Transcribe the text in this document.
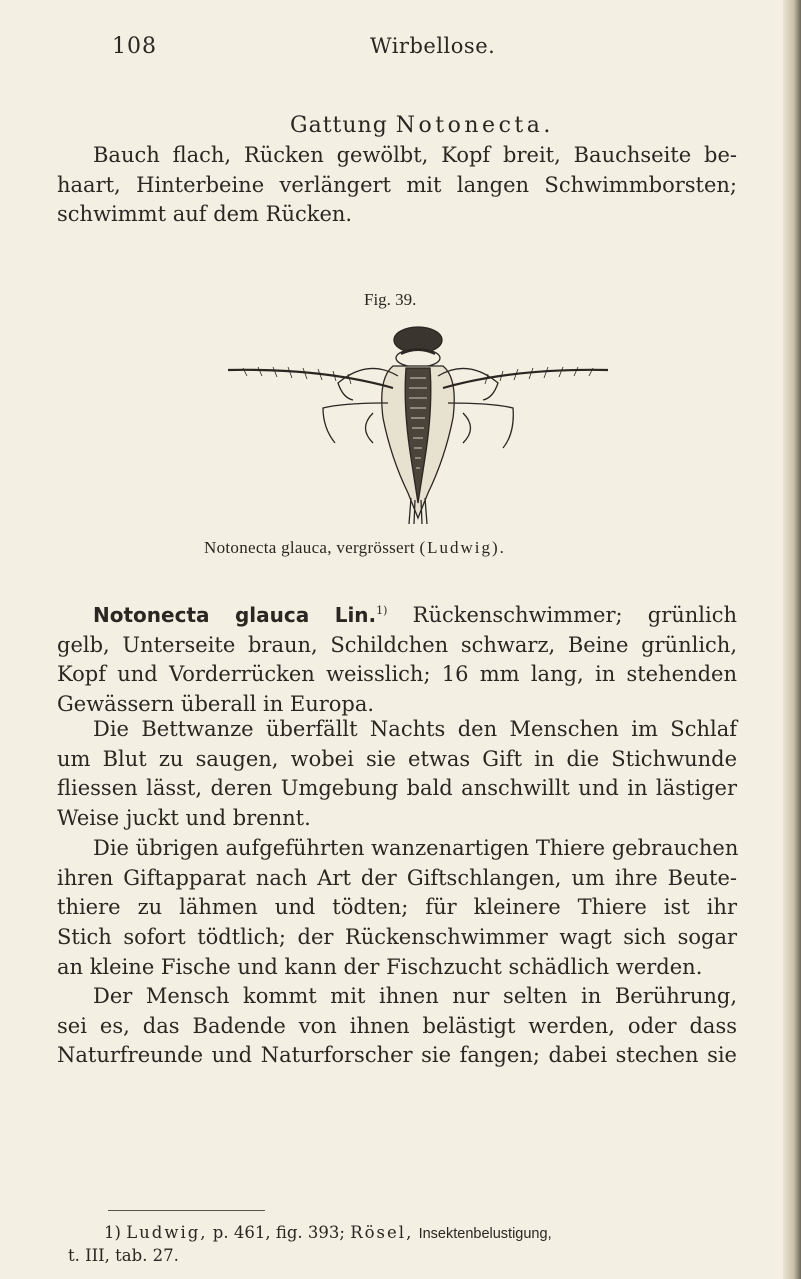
108	Wirbellose.
Gattung Notonecta.
Bauch flach, Rücken gewölbt, Kopf breit, Bauchseite be-
haart, Hinterbeine verlängert mit langen Schwimmborsten;
schwimmt auf dem Rücken.
Fig. 39.
Notonecta glauca, vergrössert (Ludwig).
Notonecta glauca Lin.$^{1)}$ Rückenschwimmer; grünlich
gelb, Unterseite braun, Schildchen schwarz, Beine grünlich,
Kopf und Vorderrücken weisslich; 16 mm lang, in stehenden
Gewässern überall in Europa.
Die Bettwanze überfällt Nachts den Menschen im Schlaf
um Blut zu saugen, wobei sie etwas Gift in die Stichwunde
fliessen lässt, deren Umgebung bald anschwillt und in lästiger
Weise juckt und brennt.
Die übrigen aufgeführten wanzenartigen Thiere gebrauchen
ihren Giftapparat nach Art der Giftschlangen, um ihre Beute-
thiere zu lähmen und tödten; für kleinere Thiere ist ihr
Stich sofort tödtlich; der Rückenschwimmer wagt sich sogar
an kleine Fische und kann der Fischzucht schädlich werden.
Der Mensch kommt mit ihnen nur selten in Berührung,
sei es, das Badende von ihnen belästigt werden, oder dass
Naturfreunde und Naturforscher sie fangen; dabei stechen sie
1) Ludwig, p. 461, fig. 393; Rösel, Insektenbelustigung,
t. III, tab. 27.
